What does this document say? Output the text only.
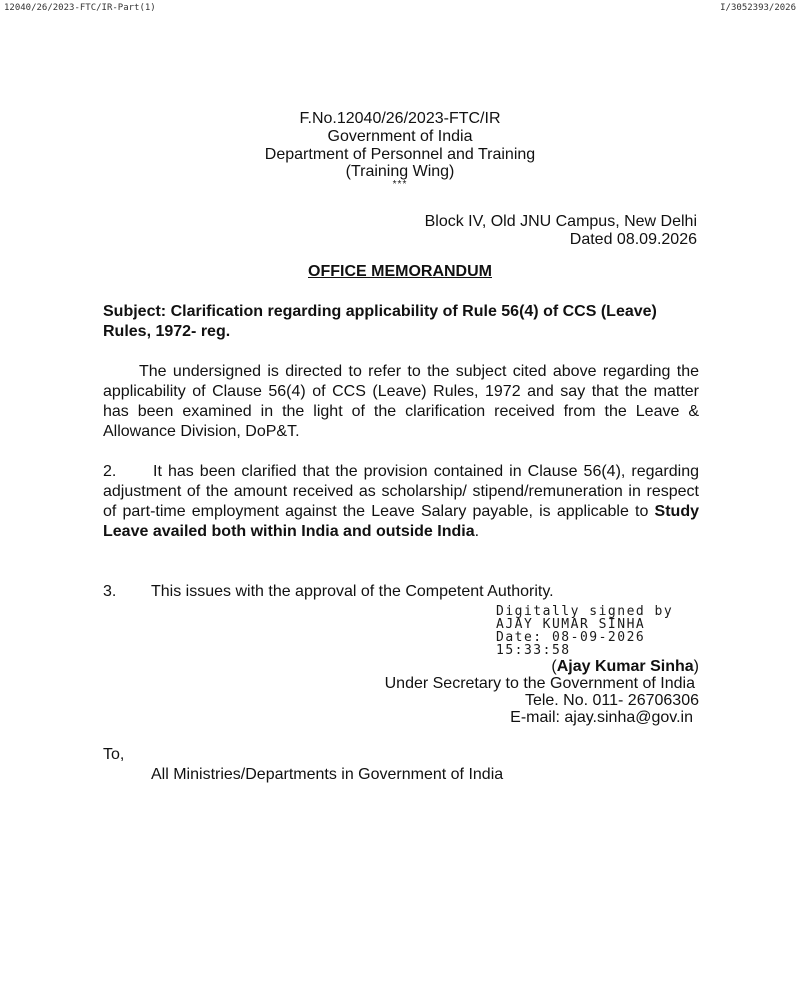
12040/26/2023-FTC/IR-Part(1)	I/3052393/2026
F.No.12040/26/2023-FTC/IR
Government of India
Department of Personnel and Training
(Training Wing)
***
Block IV, Old JNU Campus, New Delhi
Dated 08.09.2026
OFFICE MEMORANDUM
Subject: Clarification regarding applicability of Rule 56(4) of CCS (Leave) Rules, 1972- reg.
The undersigned is directed to refer to the subject cited above regarding the applicability of Clause 56(4) of CCS (Leave) Rules, 1972 and say that the matter has been examined in the light of the clarification received from the Leave & Allowance Division, DoP&T.
2. It has been clarified that the provision contained in Clause 56(4), regarding adjustment of the amount received as scholarship/ stipend/remuneration in respect of part-time employment against the Leave Salary payable, is applicable to Study Leave availed both within India and outside India.
3. This issues with the approval of the Competent Authority.
Digitally signed by
AJAY KUMAR SINHA
Date: 08-09-2026
15:33:58
(Ajay Kumar Sinha)
Under Secretary to the Government of India
Tele. No. 011- 26706306
E-mail: ajay.sinha@gov.in
To,
All Ministries/Departments in Government of India
